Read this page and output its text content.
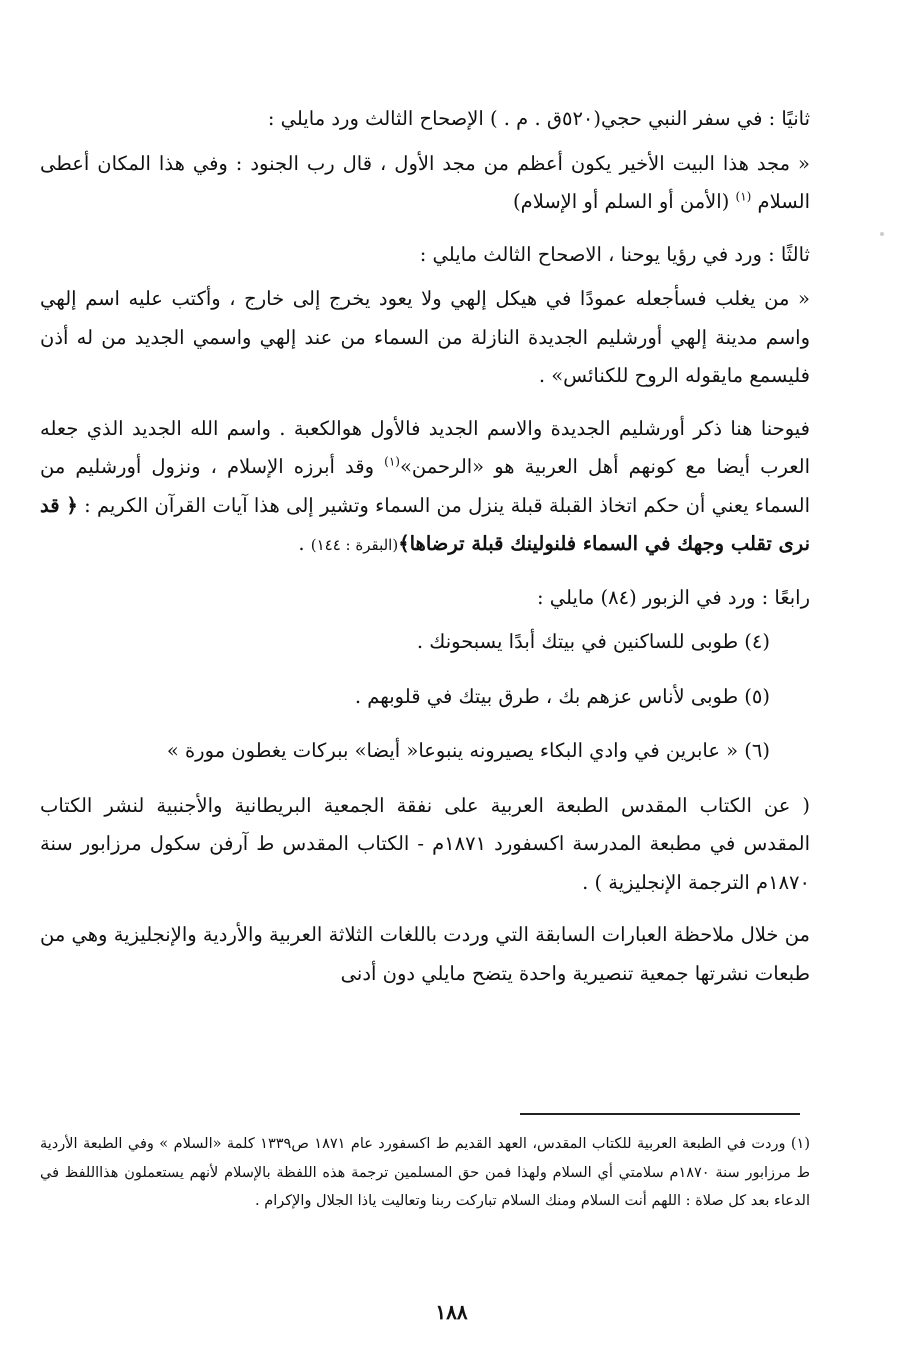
ثانيًا : في سفر النبي حجي(٥٢٠ق . م . ) الإصحاح الثالث ورد مايلي :

« مجد هذا البيت الأخير يكون أعظم من مجد الأول ، قال رب الجنود : وفي هذا المكان أعطى السلام $^{(١)}$ (الأمن أو السلم أو الإسلام)

ثالثًا : ورد في رؤيا يوحنا ، الاصحاح الثالث مايلي :

« من يغلب فسأجعله عمودًا في هيكل إلهي ولا يعود يخرج إلى خارج ، وأكتب عليه اسم إلهي واسم مدينة إلهي أورشليم الجديدة النازلة من السماء من عند إلهي واسمي الجديد من له أذن فليسمع مايقوله الروح للكنائس» .

فيوحنا هنا ذكر أورشليم الجديدة والاسم الجديد فالأول هوالكعبة . واسم الله الجديد الذي جعله العرب أيضا مع كونهم أهل العربية هو «الرحمن»$^{(١)}$ وقد أبرزه الإسلام ، ونزول أورشليم من السماء يعني أن حكم اتخاذ القبلة قبلة ينزل من السماء وتشير إلى هذا آيات القرآن الكريم : ﴿ قد نرى تقلب وجهك في السماء فلنولينك قبلة ترضاها﴾(البقرة : ١٤٤) .

رابعًا : ورد في الزبور (٨٤) مايلي :

(٤) طوبى للساكنين في بيتك أبدًا يسبحونك .

(٥) طوبى لأناس عزهم بك ، طرق بيتك في قلوبهم .

(٦) « عابرين في وادي البكاء يصيرونه ينبوعا« أيضا» ببركات يغطون مورة »

( عن الكتاب المقدس الطبعة العربية على نفقة الجمعية البريطانية والأجنبية لنشر الكتاب المقدس في مطبعة المدرسة اكسفورد ١٨٧١م - الكتاب المقدس ط آرفن سكول مرزابور سنة ١٨٧٠م الترجمة الإنجليزية ) .

من خلال ملاحظة العبارات السابقة التي وردت باللغات الثلاثة العربية والأردية والإنجليزية وهي من طبعات نشرتها جمعية تنصيرية واحدة يتضح مايلي دون أدنى

(١) وردت في الطبعة العربية للكتاب المقدس، العهد القديم ط اكسفورد عام ١٨٧١ ص١٣٣٩ كلمة «السلام » وفي الطبعة الأردية ط مرزابور سنة ١٨٧٠م سلامتي أي السلام ولهذا فمن حق المسلمين ترجمة هذه اللفظة بالإسلام لأنهم يستعملون هذااللفظ في الدعاء بعد كل صلاة : اللهم أنت السلام ومنك السلام تباركت ربنا وتعاليت ياذا الجلال والإكرام .

١٨٨
